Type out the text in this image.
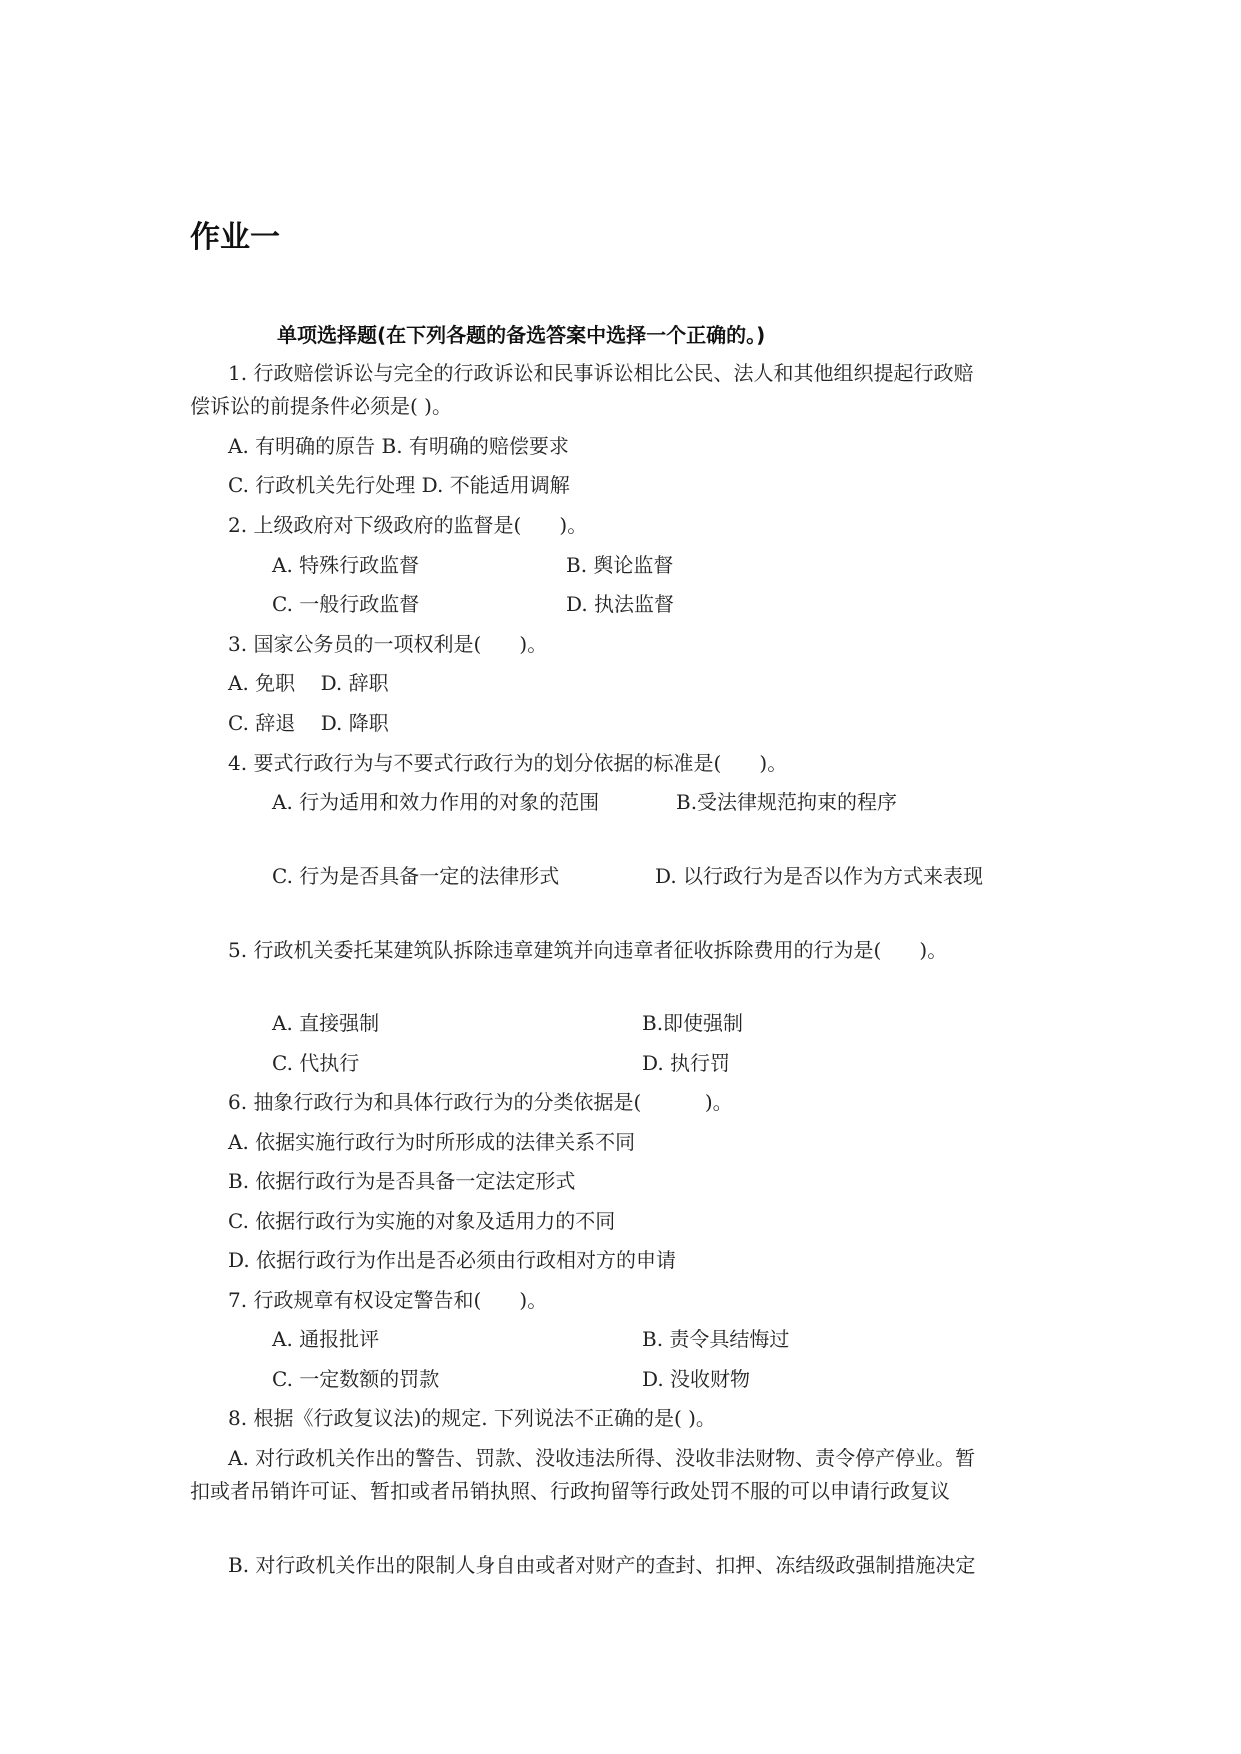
作业一
单项选择题(在下列各题的备选答案中选择一个正确的。)
1. 行政赔偿诉讼与完全的行政诉讼和民事诉讼相比公民、法人和其他组织提起行政赔
偿诉讼的前提条件必须是( )。
A. 有明确的原告 B. 有明确的赔偿要求
C. 行政机关先行处理 D. 不能适用调解
2. 上级政府对下级政府的监督是(      )。
A. 特殊行政监督	B. 舆论监督
C. 一般行政监督	D. 执法监督
3. 国家公务员的一项权利是(      )。
A. 免职    D. 辞职
C. 辞退    D. 降职
4. 要式行政行为与不要式行政行为的划分依据的标准是(      )。
A. 行为适用和效力作用的对象的范围	B.受法律规范拘束的程序
C. 行为是否具备一定的法律形式	D. 以行政行为是否以作为方式来表现
5. 行政机关委托某建筑队拆除违章建筑并向违章者征收拆除费用的行为是(      )。
A. 直接强制	B.即使强制
C. 代执行	D. 执行罚
6. 抽象行政行为和具体行政行为的分类依据是(          )。
A. 依据实施行政行为时所形成的法律关系不同
B. 依据行政行为是否具备一定法定形式
C. 依据行政行为实施的对象及适用力的不同
D. 依据行政行为作出是否必须由行政相对方的申请
7. 行政规章有权设定警告和(      )。
A. 通报批评	B. 责令具结悔过
C. 一定数额的罚款	D. 没收财物
8. 根据《行政复议法)的规定. 下列说法不正确的是( )。
A. 对行政机关作出的警告、罚款、没收违法所得、没收非法财物、责令停产停业。暂
扣或者吊销许可证、暂扣或者吊销执照、行政拘留等行政处罚不服的可以申请行政复议
B. 对行政机关作出的限制人身自由或者对财产的查封、扣押、冻结级政强制措施决定
